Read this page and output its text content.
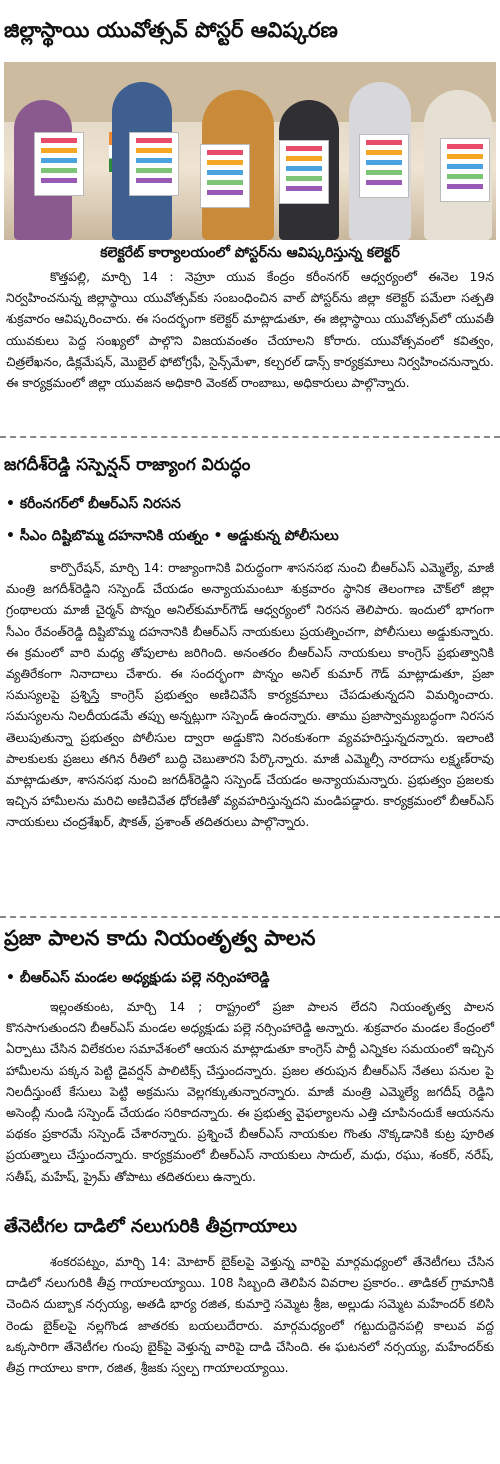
జిల్లాస్థాయి యువోత్సవ్ పోస్టర్ ఆవిష్కరణ
కలెక్టరేట్ కార్యాలయంలో పోస్టర్‌ను ఆవిష్కరిస్తున్న కలెక్టర్

కొత్తపల్లి, మార్చి 14 : నెహ్రూ యువ కేంద్రం కరీంనగర్ ఆధ్వర్యంలో ఈనెల 19న నిర్వహించనున్న జిల్లాస్థాయి యువోత్సవ్‌కు సంబంధించిన వాల్ పోస్టర్‌ను జిల్లా కలెక్టర్ పమేలా సత్పతి శుక్రవారం ఆవిష్కరించారు. ఈ సందర్భంగా కలెక్టర్ మాట్లాడుతూ, ఈ జిల్లాస్థాయి యువోత్సవ్‌లో యువతీ యువకులు పెద్ద సంఖ్యలో పాల్గొని విజయవంతం చేయాలని కోరారు. యువోత్సవంలో కవిత్వం, చిత్రలేఖనం, డిక్లమేషన్, మొబైల్ ఫోటోగ్రఫీ, సైన్స్‌మేళా, కల్చరల్ డాన్స్ కార్యక్రమాలు నిర్వహించనున్నారు. ఈ కార్యక్రమంలో జిల్లా యువజన అధికారి వెంకట్ రాంబాబు, అధికారులు పాల్గొన్నారు.

జగదీశ్‌రెడ్డి సస్పెన్షన్ రాజ్యాంగ విరుద్ధం
• కరీంనగర్‌లో బీఆర్‌ఎస్ నిరసన
• సీఎం దిష్టిబొమ్మ దహనానికి యత్నం • అడ్డుకున్న పోలీసులు

కార్పొరేషన్, మార్చి 14: రాజ్యాంగానికి విరుద్ధంగా శాసనసభ నుంచి బీఆర్‌ఎస్ ఎమ్మెల్యే, మాజీ మంత్రి జగదీశ్‌రెడ్డిని సస్పెండ్ చేయడం అన్యాయమంటూ శుక్రవారం స్థానిక తెలంగాణ చౌక్‌లో జిల్లా గ్రంథాలయ మాజీ చైర్మన్ పొన్నం అనిల్‌కుమార్‌గౌడ్ ఆధ్వర్యంలో నిరసన తెలిపారు. ఇందులో భాగంగా సీఎం రేవంత్‌రెడ్డి దిష్టిబొమ్మ దహనానికి బీఆర్‌ఎస్ నాయకులు ప్రయత్నించగా, పోలీసులు అడ్డుకున్నారు. ఈ క్రమంలో వారి మధ్య తోపులాట జరిగింది. అనంతరం బీఆర్‌ఎస్ నాయకులు కాంగ్రెస్ ప్రభుత్వానికి వ్యతిరేకంగా నినాదాలు చేశారు. ఈ సందర్భంగా పొన్నం అనిల్ కుమార్ గౌడ్ మాట్లాడుతూ, ప్రజా సమస్యలపై ప్రశ్నిస్తే కాంగ్రెస్ ప్రభుత్వం అణిచివేసే కార్యక్రమాలు చేపడుతున్నదని విమర్శించారు. సమస్యలను నిలదీయడమే తప్పు అన్నట్లుగా సస్పెండ్ ఉందన్నారు. తాము ప్రజాస్వామ్యబద్ధంగా నిరసన తెలుపుతున్నా ప్రభుత్వం పోలీసుల ద్వారా అడ్డుకొని నిరంకుశంగా వ్యవహరిస్తున్నదన్నారు. ఇలాంటి పాలకులకు ప్రజలు తగిన రీతిలో బుద్ధి చెబుతారని పేర్కొన్నారు. మాజీ ఎమ్మెల్సీ నారదాసు లక్ష్మణ్‌రావు మాట్లాడుతూ, శాసనసభ నుంచి జగదీశ్‌రెడ్డిని సస్పెండ్ చేయడం అన్యాయమన్నారు. ప్రభుత్వం ప్రజలకు ఇచ్చిన హామీలను మరిచి అణిచివేత ధోరణితో వ్యవహరిస్తున్నదని మండిపడ్డారు. కార్యక్రమంలో బీఆర్‌ఎస్ నాయకులు చంద్రశేఖర్, షౌకత్, ప్రశాంత్ తదితరులు పాల్గొన్నారు.

ప్రజా పాలన కాదు నియంతృత్వ పాలన
• బీఆర్‌ఎస్ మండల అధ్యక్షుడు పల్లె నర్సింహారెడ్డి

ఇల్లంతకుంట, మార్చి 14 ; రాష్ట్రంలో ప్రజా పాలన లేదని నియంతృత్వ పాలన కొనసాగుతుందని బీఆర్‌ఎస్ మండల అధ్యక్షుడు పల్లె నర్సింహారెడ్డి అన్నారు. శుక్రవారం మండల కేంద్రంలో ఏర్పాటు చేసిన విలేకరుల సమావేశంలో ఆయన మాట్లాడుతూ కాంగ్రెస్ పార్టీ ఎన్నికల సమయంలో ఇచ్చిన హామీలను పక్కన పెట్టి డైవర్షన్ పాలిటిక్స్ చేస్తుందన్నారు. ప్రజల తరుపున బీఆర్‌ఎస్ నేతలు పనుల పై నిలదీస్తుంటే కేసులు పెట్టి అక్రమసు వెల్లగక్కుతున్నారన్నారు. మాజీ మంత్రి ఎమ్మెల్యే జగదీష్ రెడ్డిని అసెంబ్లీ నుండి సస్పెండ్ చేయడం సరికాదన్నారు. ఈ ప్రభుత్వ వైఫల్యాలను ఎత్తి చూపినందుకే ఆయనను పథకం ప్రకారమే సస్పెండ్ చేశారన్నారు. ప్రశ్నించే బీఆర్‌ఎస్ నాయకుల గొంతు నొక్కడానికి కుట్ర పూరిత ప్రయత్నాలు చేస్తుందన్నారు. కార్యక్రమంలో బీఆర్‌ఎస్ నాయకులు సాదుల్, మధు, రఘు, శంకర్, నరేష్, సతీష్, మహేష్, ప్రైమ్ తోపాటు తదితరులు ఉన్నారు.

తేనెటీగల దాడిలో నలుగురికి తీవ్రగాయాలు

శంకరపట్నం, మార్చి 14: మోటార్ బైక్‌లపై వెళ్తున్న వారిపై మార్గమధ్యంలో తేనెటీగలు చేసిన దాడిలో నలుగురికి తీవ్ర గాయాలయ్యాయి. 108 సిబ్బంది తెలిపిన వివరాల ప్రకారం.. తాడికల్ గ్రామానికి చెందిన దుబ్బాక నర్సయ్య, అతడి భార్య రజిత, కుమార్తె సమ్మెట శ్రీజ, అల్లుడు సమ్మెట మహేందర్ కలిసి రెండు బైక్‌లపై నల్లగొండ జాతరకు బయలుదేరారు. మార్గమధ్యంలో గట్టుదుద్దెనపల్లి కాలువ వద్ద ఒక్కసారిగా తేనెటీగల గుంపు బైక్‌పై వెళ్తున్న వారిపై దాడి చేసింది. ఈ ఘటనలో నర్సయ్య, మహేందర్‌కు తీవ్ర గాయాలు కాగా, రజిత, శ్రీజకు స్వల్ప గాయాలయ్యాయి.
